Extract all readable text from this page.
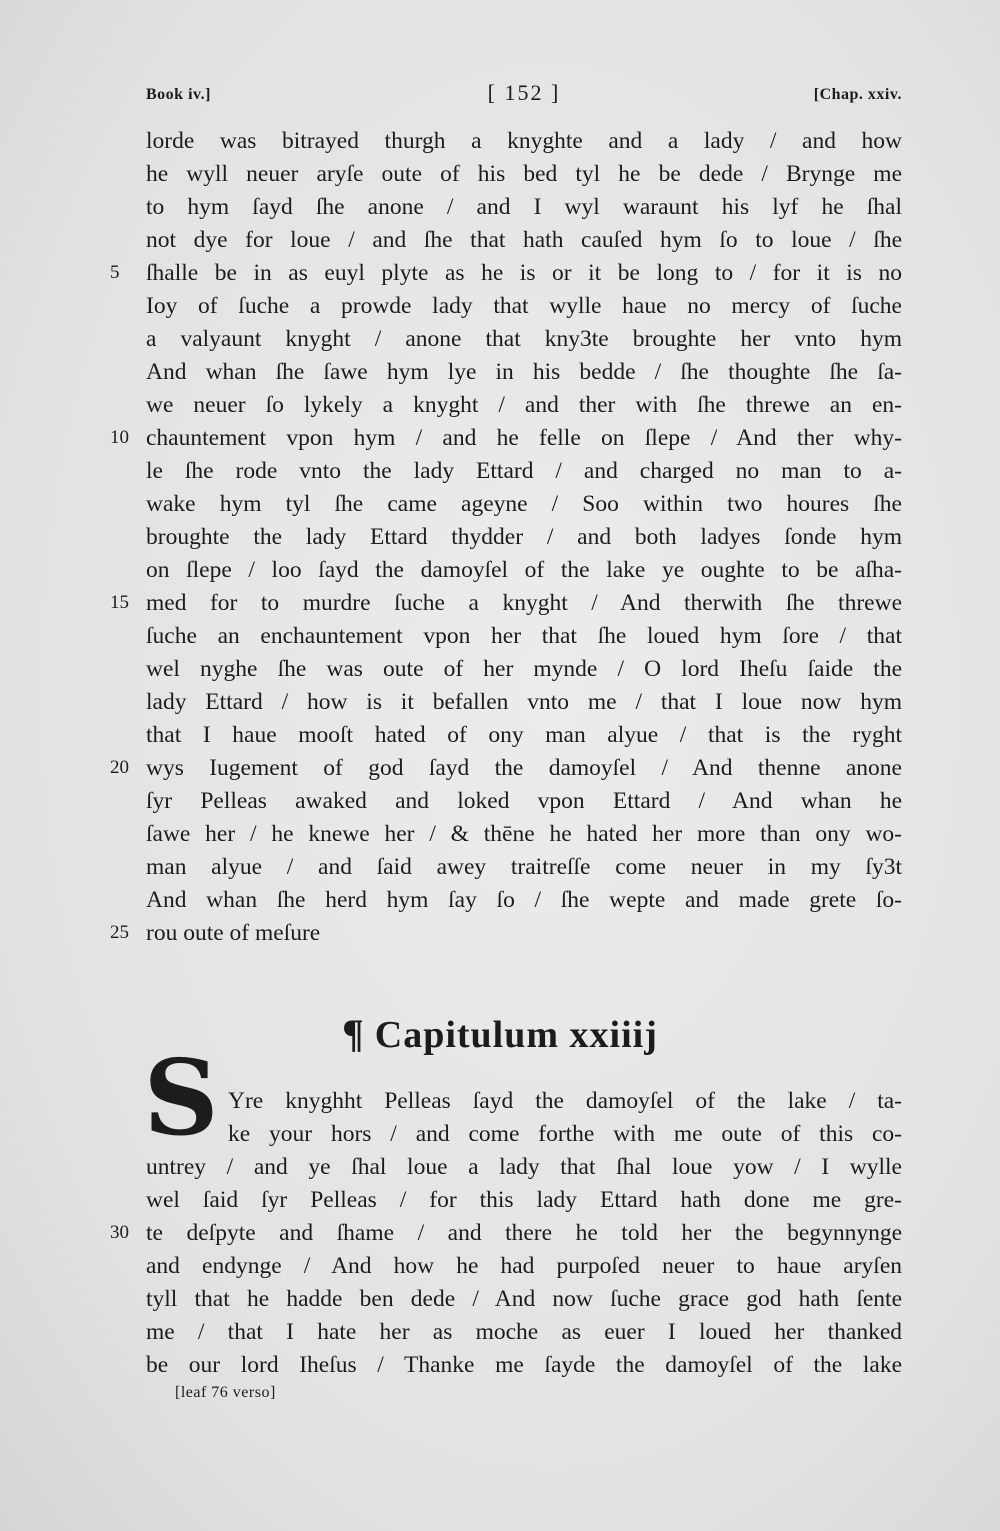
Book iv.]	[ 152 ]	[Chap. xxiv.
lorde was bitrayed thurgh a knyghte and a lady / and how
he wyll neuer aryſe oute of his bed tyl he be dede / Brynge me
to hym ſayd ſhe anone / and I wyl waraunt his lyf he ſhal
not dye for loue / and ſhe that hath cauſed hym ſo to loue / ſhe
5	ſhalle be in as euyl plyte as he is or it be long to / for it is no
Ioy of ſuche a prowde lady that wylle haue no mercy of ſuche
a valyaunt knyght / anone that kny3te broughte her vnto hym
And whan ſhe ſawe hym lye in his bedde / ſhe thoughte ſhe ſa-
we neuer ſo lykely a knyght / and ther with ſhe threwe an en-
10 chauntement vpon hym / and he felle on ſlepe / And ther why-
le ſhe rode vnto the lady Ettard / and charged no man to a-
wake hym tyl ſhe came ageyne / Soo within two houres ſhe
broughte the lady Ettard thydder / and both ladyes ſonde hym
on ſlepe / loo ſayd the damoyſel of the lake ye oughte to be aſha-
15 med for to murdre ſuche a knyght / And therwith ſhe threwe
ſuche an enchauntement vpon her that ſhe loued hym ſore / that
wel nyghe ſhe was oute of her mynde / O lord Iheſu ſaide the
lady Ettard / how is it befallen vnto me / that I loue now hym
that I haue mooſt hated of ony man alyue / that is the ryght
20 wys Iugement of god ſayd the damoyſel / And thenne anone
ſyr Pelleas awaked and loked vpon Ettard / And whan he
ſawe her / he knewe her / & thēne he hated her more than ony wo-
man alyue / and ſaid awey traitreſſe come neuer in my ſy3t
And whan ſhe herd hym ſay ſo / ſhe wepte and made grete ſo-
25 rou oute of meſure
¶ Capitulum xxiiij
S Yre knyghht Pelleas ſayd the damoyſel of the lake / ta-
ke your hors / and come forthe with me oute of this co-
untrey / and ye ſhal loue a lady that ſhal loue yow / I wylle
wel ſaid ſyr Pelleas / for this lady Ettard hath done me gre-
30 te deſpyte and ſhame / and there he told her the begynnynge
and endynge / And how he had purpoſed neuer to haue aryſen
tyll that he hadde ben dede / And now ſuche grace god hath ſente
me / that I hate her as moche as euer I loued her thanked
be our lord Iheſus / Thanke me ſayde the damoyſel of the lake
[leaf 76 verso]
